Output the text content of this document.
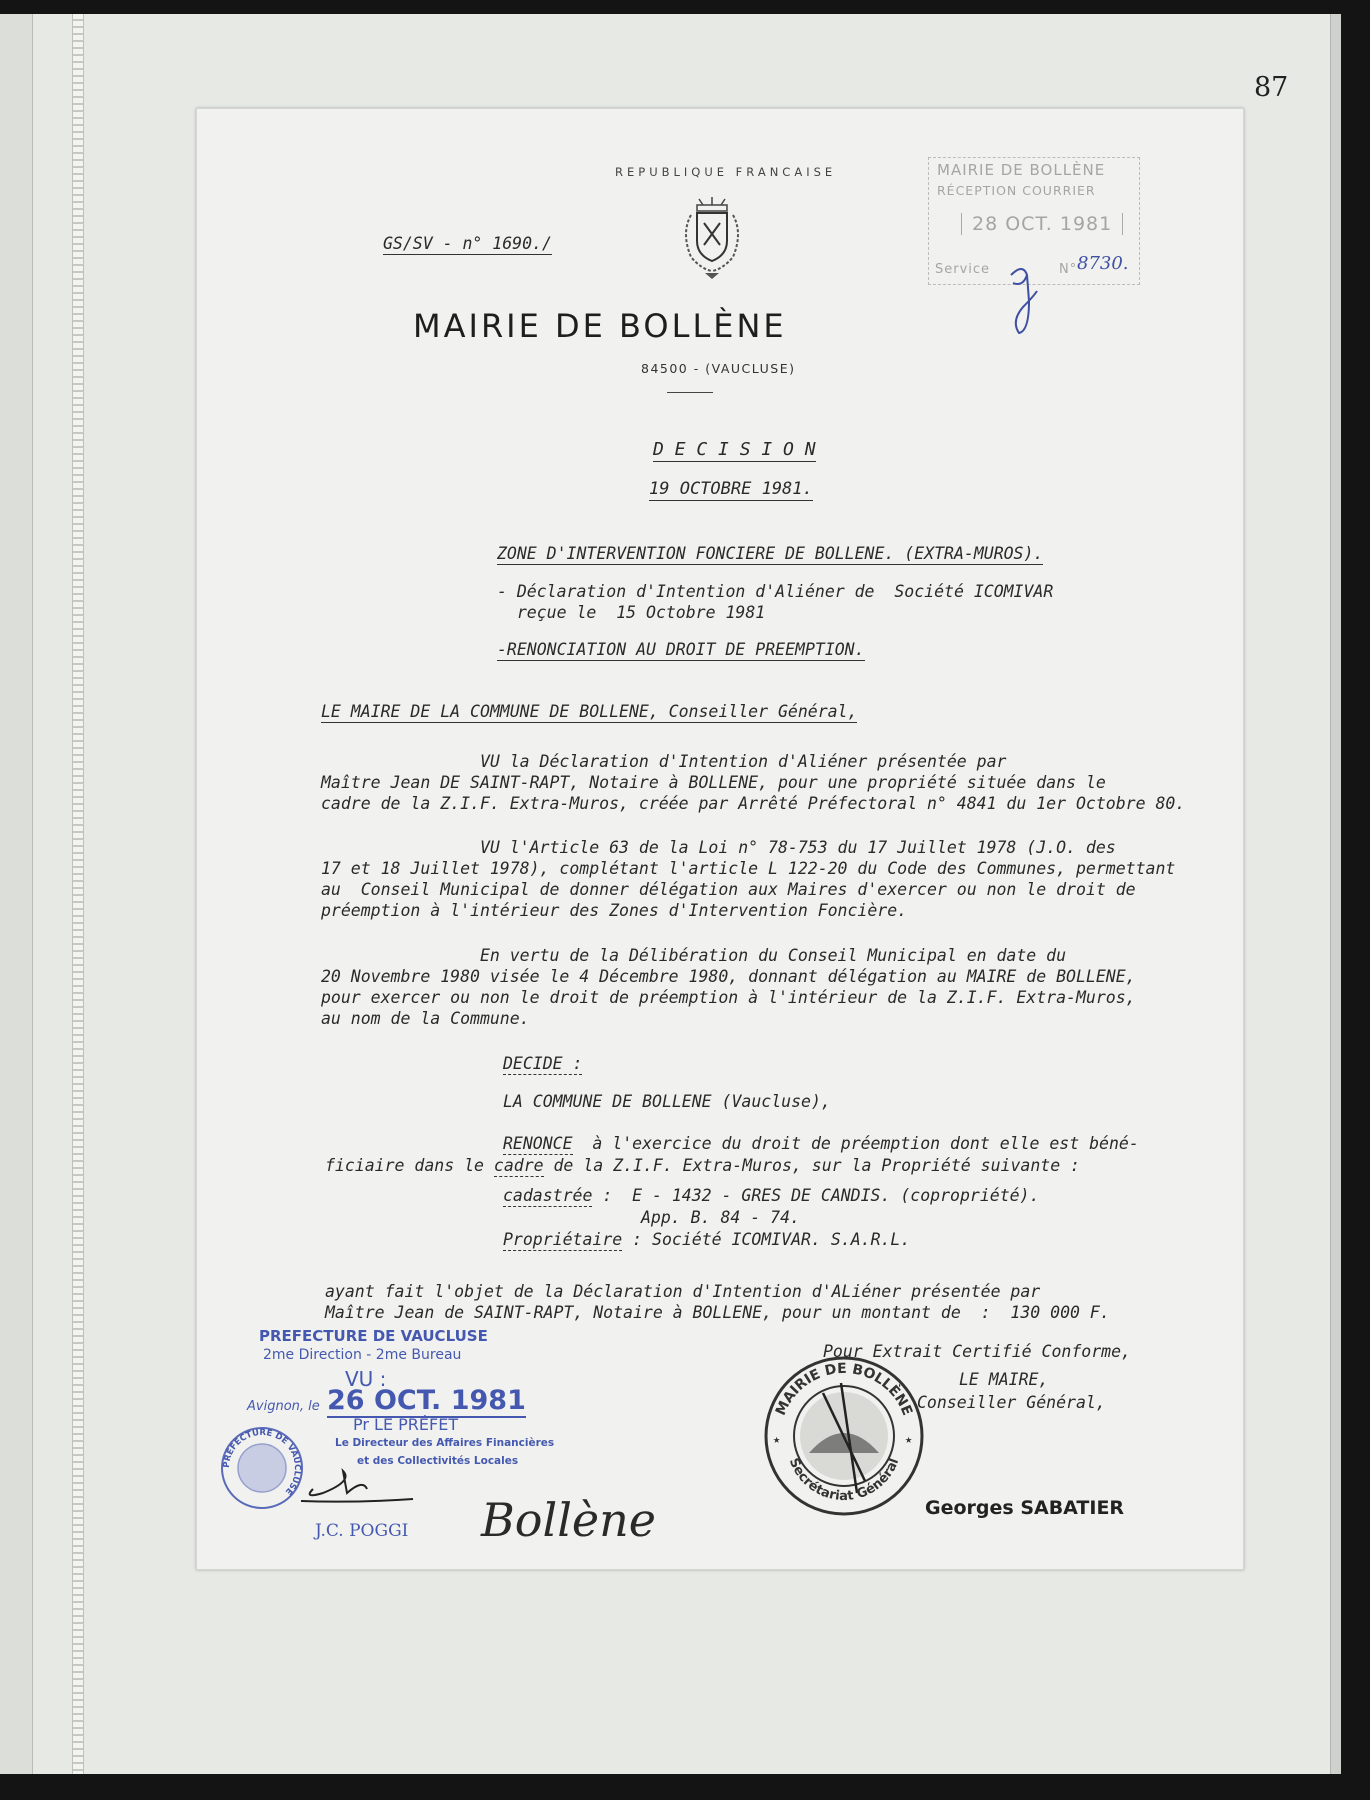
87
REPUBLIQUE FRANCAISE
GS/SV - n° 1690./
MAIRIE DE BOLLÈNE
84500 - (VAUCLUSE)
MAIRIE DE BOLLÈNE
RÉCEPTION COURRIER
28 OCT. 1981
Service	N° 8730.
D E C I S I O N
19 OCTOBRE 1981.
ZONE D'INTERVENTION FONCIERE DE BOLLENE. (EXTRA-MUROS).
- Déclaration d'Intention d'Aliéner de  Société ICOMIVAR
reçue le  15 Octobre 1981
-RENONCIATION AU DROIT DE PREEMPTION.
LE MAIRE DE LA COMMUNE DE BOLLENE, Conseiller Général,
VU la Déclaration d'Intention d'Aliéner présentée par
Maître Jean DE SAINT-RAPT, Notaire à BOLLENE, pour une propriété située dans le
cadre de la Z.I.F. Extra-Muros, créée par Arrêté Préfectoral n° 4841 du 1er Octobre 80.
VU l'Article 63 de la Loi n° 78-753 du 17 Juillet 1978 (J.O. des
17 et 18 Juillet 1978), complétant l'article L 122-20 du Code des Communes, permettant
au  Conseil Municipal de donner délégation aux Maires d'exercer ou non le droit de
préemption à l'intérieur des Zones d'Intervention Foncière.
En vertu de la Délibération du Conseil Municipal en date du
20 Novembre 1980 visée le 4 Décembre 1980, donnant délégation au MAIRE de BOLLENE,
pour exercer ou non le droit de préemption à l'intérieur de la Z.I.F. Extra-Muros,
au nom de la Commune.
DECIDE :
LA COMMUNE DE BOLLENE (Vaucluse),
RENONCE  à l'exercice du droit de préemption dont elle est béné-
ficiaire dans le cadre de la Z.I.F. Extra-Muros, sur la Propriété suivante :
cadastrée :  E - 1432 - GRES DE CANDIS. (copropriété).
App. B. 84 - 74.
Propriétaire : Société ICOMIVAR. S.A.R.L.
ayant fait l'objet de la Déclaration d'Intention d'ALiéner présentée par
Maître Jean de SAINT-RAPT, Notaire à BOLLENE, pour un montant de  :  130 000 F.
Pour Extrait Certifié Conforme,
LE MAIRE,
Conseiller Général,
MAIRIE DE BOLLÈNE
Secrétariat Général
★	★
Georges SABATIER
PREFECTURE DE VAUCLUSE
2me Direction - 2me Bureau
VU :
Avignon, le 26 OCT. 1981
Pr LE PRÉFET
Le Directeur des Affaires Financières
et des Collectivités Locales
PRÉFECTURE DE VAUCLUSE
J.C. POGGI Bollène
